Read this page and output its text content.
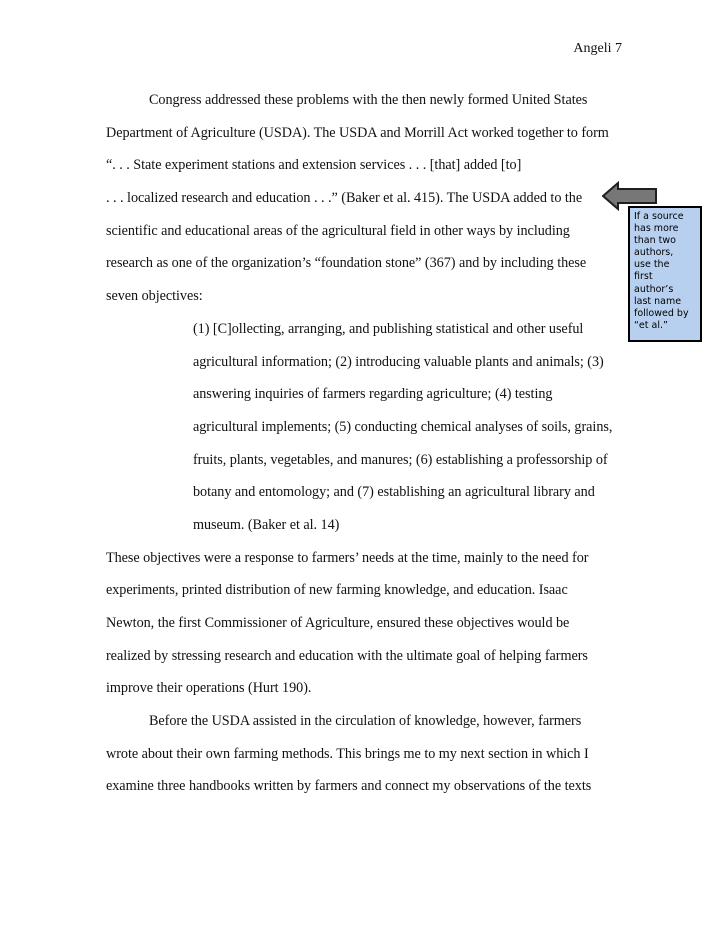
Angeli 7
Congress addressed these problems with the then newly formed United States
Department of Agriculture (USDA). The USDA and Morrill Act worked together to form
“. . . State experiment stations and extension services . . . [that] added [to]
. . . localized research and education . . .” (Baker et al. 415). The USDA added to the
scientific and educational areas of the agricultural field in other ways by including
research as one of the organization’s “foundation stone” (367) and by including these
seven objectives:
(1) [C]ollecting, arranging, and publishing statistical and other useful
agricultural information; (2) introducing valuable plants and animals; (3)
answering inquiries of farmers regarding agriculture; (4) testing
agricultural implements; (5) conducting chemical analyses of soils, grains,
fruits, plants, vegetables, and manures; (6) establishing a professorship of
botany and entomology; and (7) establishing an agricultural library and
museum. (Baker et al. 14)
These objectives were a response to farmers’ needs at the time, mainly to the need for
experiments, printed distribution of new farming knowledge, and education. Isaac
Newton, the first Commissioner of Agriculture, ensured these objectives would be
realized by stressing research and education with the ultimate goal of helping farmers
improve their operations (Hurt 190).
Before the USDA assisted in the circulation of knowledge, however, farmers
wrote about their own farming methods. This brings me to my next section in which I
examine three handbooks written by farmers and connect my observations of the texts
If a source
has more
than two
authors,
use the
first
author’s
last name
followed by
“et al.”
